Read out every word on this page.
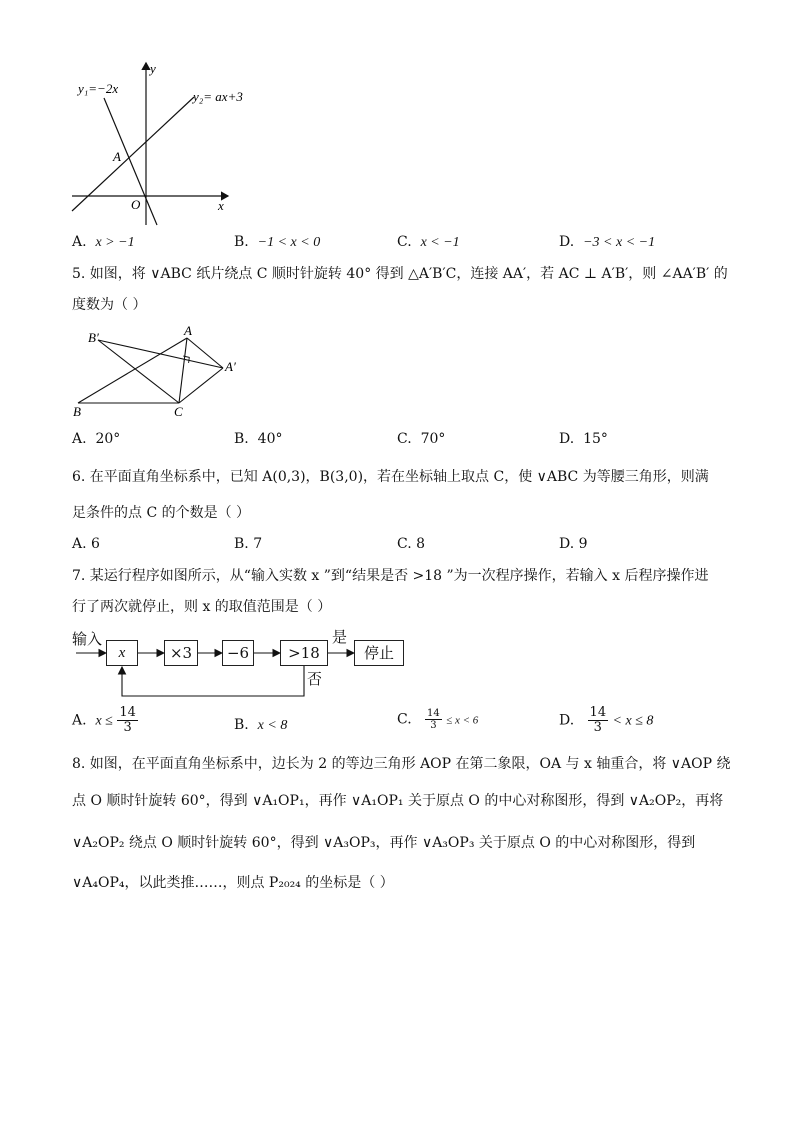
y₁=−2x
y₂= ax+3
y
x
O
A
A. x > −1	B. −1 < x < 0	C. x < −1	D. −3 < x < −1
5. 如图，将 ∨ABC 纸片绕点 C 顺时针旋转 40° 得到 △A′B′C，连接 AA′，若 AC ⊥ A′B′，则 ∠AA′B′ 的
度数为（ ）
B′	A
A′
B	C
A. 20°	B. 40°	C. 70°	D. 15°
6. 在平面直角坐标系中，已知 A(0,3)，B(3,0)，若在坐标轴上取点 C，使 ∨ABC 为等腰三角形，则满
足条件的点 C 的个数是（ ）
A. 6	B. 7	C. 8	D. 9
7. 某运行程序如图所示，从“输入实数 x ”到“结果是否 >18 ”为一次程序操作，若输入 x 后程序操作进
行了两次就停止，则 x 的取值范围是（ ）
输入
x	×3	−6	>18
是
停止
否
A. $x \le \frac{14}{3}$	B. x < 8	C. $\frac{14}{3} \le x < 6$	D. $\frac{14}{3} < x \le 8$
8. 如图，在平面直角坐标系中，边长为 2 的等边三角形 AOP 在第二象限，OA 与 x 轴重合，将 ∨AOP 绕
点 O 顺时针旋转 60°，得到 ∨A₁OP₁，再作 ∨A₁OP₁ 关于原点 O 的中心对称图形，得到 ∨A₂OP₂，再将
∨A₂OP₂ 绕点 O 顺时针旋转 60°，得到 ∨A₃OP₃，再作 ∨A₃OP₃ 关于原点 O 的中心对称图形，得到
∨A₄OP₄，以此类推……，则点 P₂₀₂₄ 的坐标是（ ）
